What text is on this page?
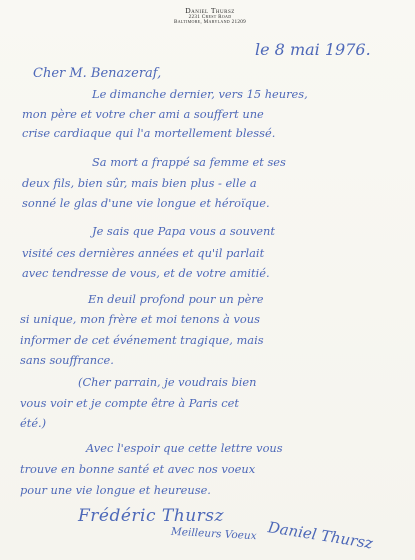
Daniel Thursz
2231 Crest Road
Baltimore, Maryland 21209
le 8 mai 1976.
Cher M. Benazeraf,
Le dimanche dernier, vers 15 heures,
mon père et votre cher ami a souffert une
crise cardiaque qui l'a mortellement blessé.
Sa mort a frappé sa femme et ses
deux fils, bien sûr, mais bien plus - elle a
sonné le glas d'une vie longue et héroïque.
Je sais que Papa vous a souvent
visité ces dernières années et qu'il parlait
avec tendresse de vous, et de votre amitié.
En deuil profond pour un père
si unique, mon frère et moi tenons à vous
informer de cet événement tragique, mais
sans souffrance.
(Cher parrain, je voudrais bien
vous voir et je compte être à Paris cet
été.)
Avec l'espoir que cette lettre vous
trouve en bonne santé et avec nos voeux
pour une vie longue et heureuse.
Frédéric Thursz
Meilleurs Voeux Daniel Thursz
